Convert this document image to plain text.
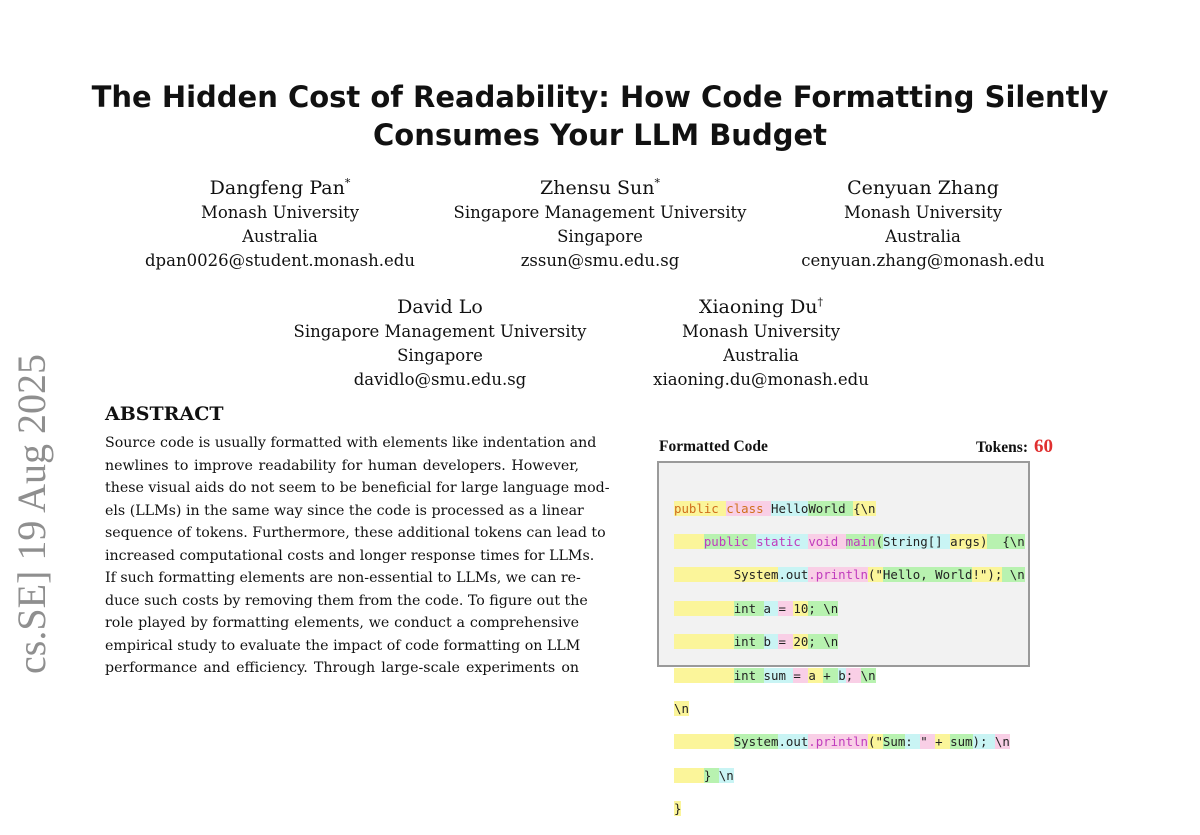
cs.SE] 19 Aug 2025
The Hidden Cost of Readability: How Code Formatting Silently
Consumes Your LLM Budget
Dangfeng Pan*
Monash University
Australia
dpan0026@student.monash.edu
Zhensu Sun*
Singapore Management University
Singapore
zssun@smu.edu.sg
Cenyuan Zhang
Monash University
Australia
cenyuan.zhang@monash.edu
David Lo
Singapore Management University
Singapore
davidlo@smu.edu.sg
Xiaoning Du†
Monash University
Australia
xiaoning.du@monash.edu
ABSTRACT
Source code is usually formatted with elements like indentation and
newlines to improve readability for human developers. However,
these visual aids do not seem to be beneficial for large language mod-
els (LLMs) in the same way since the code is processed as a linear
sequence of tokens. Furthermore, these additional tokens can lead to
increased computational costs and longer response times for LLMs.
If such formatting elements are non-essential to LLMs, we can re-
duce such costs by removing them from the code. To figure out the
role played by formatting elements, we conduct a comprehensive
empirical study to evaluate the impact of code formatting on LLM
performance and efficiency. Through large-scale experiments on
Formatted Code	Tokens: 60

public class HelloWorld {\n

public static void main(String[] args) {\n

System.out.println("Hello, World!"); \n

int a = 10; \n

int b = 20; \n

int sum = a + b; \n

\n

System.out.println("Sum: " + sum); \n

} \n

}
